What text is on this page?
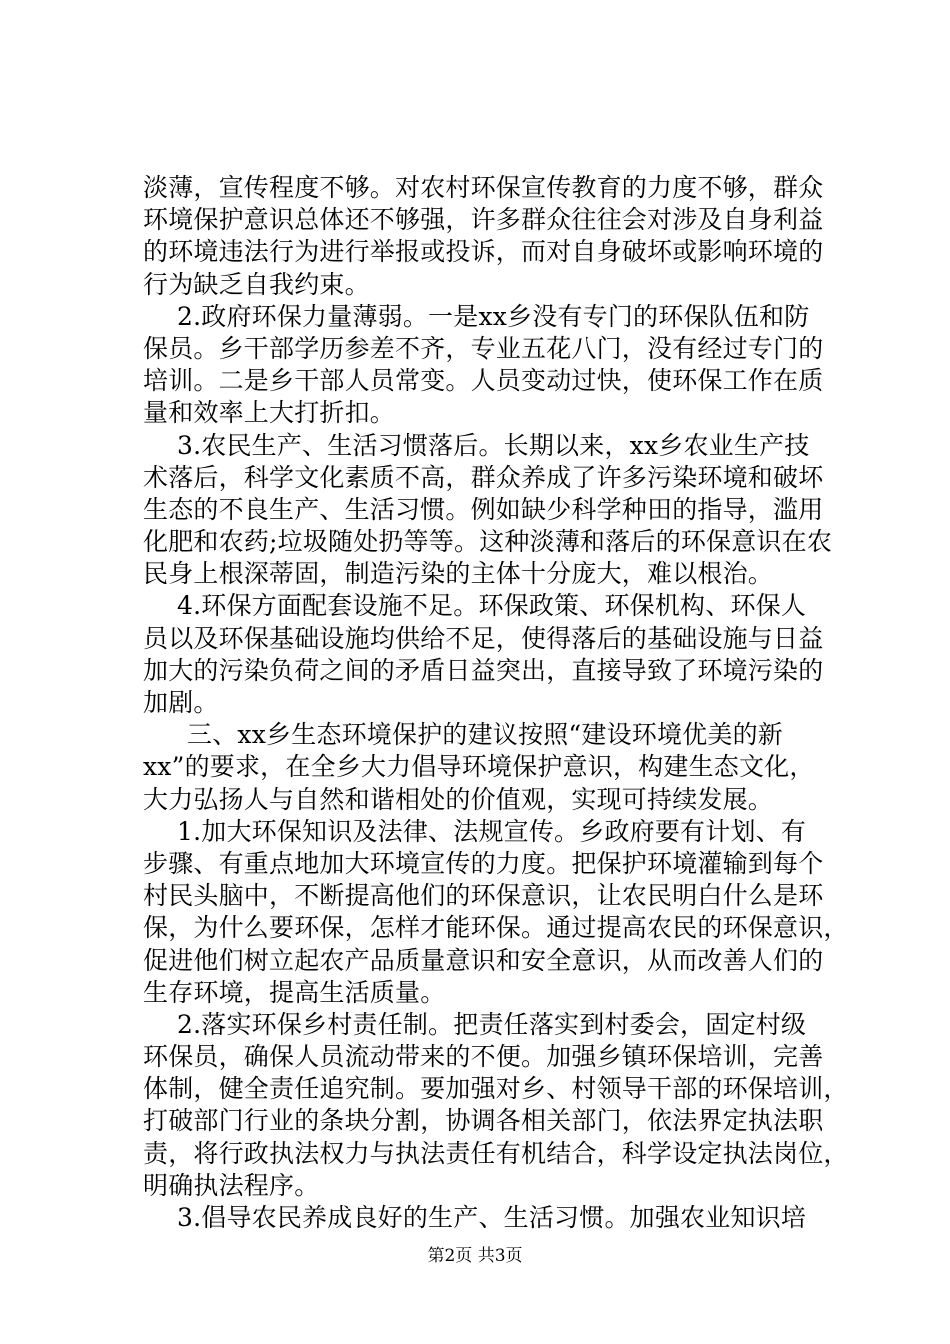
淡薄，宣传程度不够。对农村环保宣传教育的力度不够，群众
环境保护意识总体还不够强，许多群众往往会对涉及自身利益
的环境违法行为进行举报或投诉，而对自身破坏或影响环境的
行为缺乏自我约束。
2.政府环保力量薄弱。一是xx乡没有专门的环保队伍和防
保员。乡干部学历参差不齐，专业五花八门，没有经过专门的
培训。二是乡干部人员常变。人员变动过快，使环保工作在质
量和效率上大打折扣。
3.农民生产、生活习惯落后。长期以来，xx乡农业生产技
术落后，科学文化素质不高，群众养成了许多污染环境和破坏
生态的不良生产、生活习惯。例如缺少科学种田的指导，滥用
化肥和农药;垃圾随处扔等等。这种淡薄和落后的环保意识在农
民身上根深蒂固，制造污染的主体十分庞大，难以根治。
4.环保方面配套设施不足。环保政策、环保机构、环保人
员以及环保基础设施均供给不足，使得落后的基础设施与日益
加大的污染负荷之间的矛盾日益突出，直接导致了环境污染的
加剧。
三、xx乡生态环境保护的建议按照“建设环境优美的新
xx”的要求，在全乡大力倡导环境保护意识，构建生态文化，
大力弘扬人与自然和谐相处的价值观，实现可持续发展。
1.加大环保知识及法律、法规宣传。乡政府要有计划、有
步骤、有重点地加大环境宣传的力度。把保护环境灌输到每个
村民头脑中，不断提高他们的环保意识，让农民明白什么是环
保，为什么要环保，怎样才能环保。通过提高农民的环保意识，
促进他们树立起农产品质量意识和安全意识，从而改善人们的
生存环境，提高生活质量。
2.落实环保乡村责任制。把责任落实到村委会，固定村级
环保员，确保人员流动带来的不便。加强乡镇环保培训，完善
体制，健全责任追究制。要加强对乡、村领导干部的环保培训，
打破部门行业的条块分割，协调各相关部门，依法界定执法职
责，将行政执法权力与执法责任有机结合，科学设定执法岗位，
明确执法程序。
3.倡导农民养成良好的生产、生活习惯。加强农业知识培
第2页 共3页
